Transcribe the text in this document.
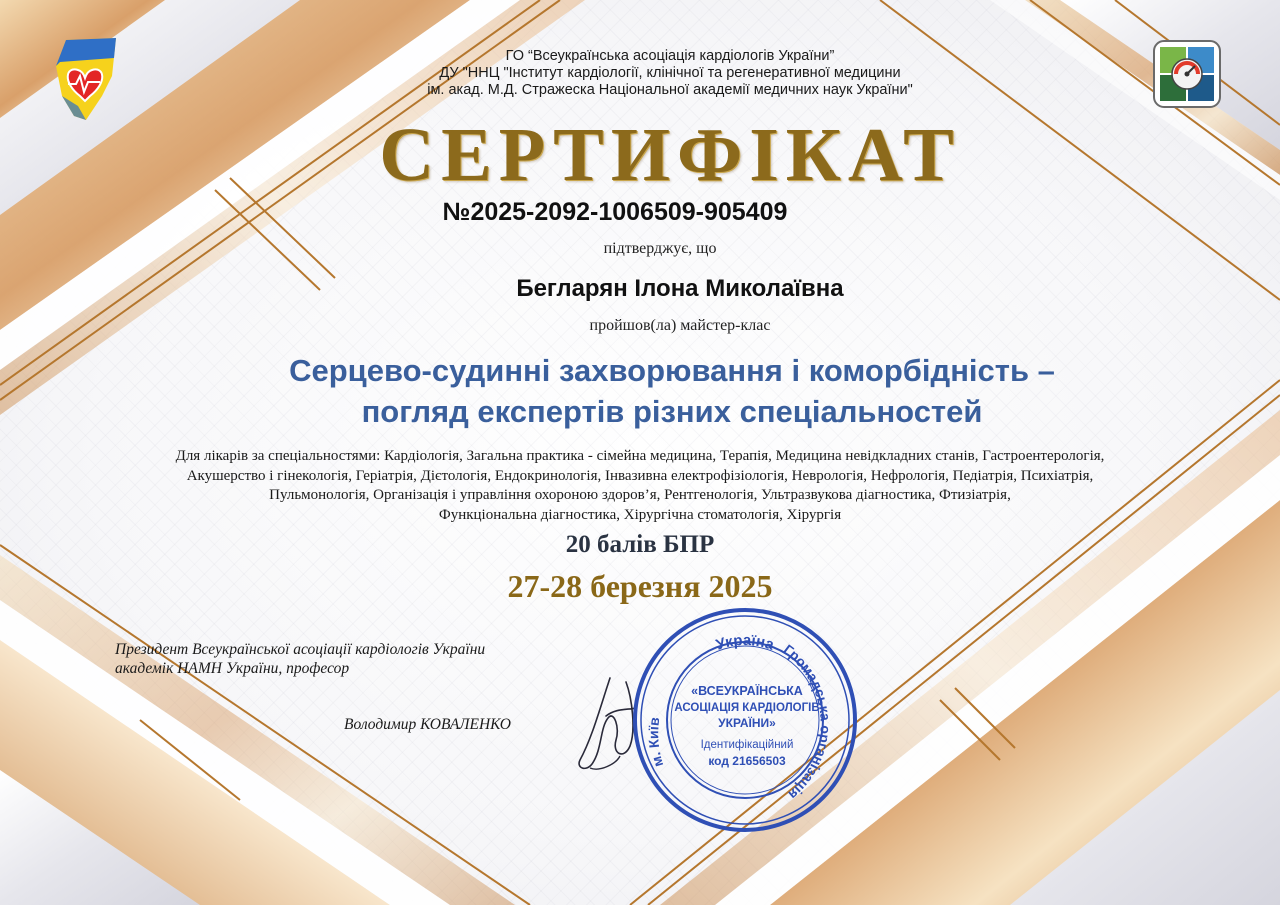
ГО “Всеукраїнська асоціація кардіологів України”
ДУ "ННЦ "Інститут кардіології, клінічної та регенеративної медицини
ім. акад. М.Д. Стражеска Національної академії медичних наук України"
СЕРТИФІКАТ
№2025-2092-1006509-905409
підтверджує, що
Бегларян Ілона Миколаївна
пройшов(ла) майстер-клас
Серцево-судинні захворювання і коморбідність –
погляд експертів різних спеціальностей
Для лікарів за спеціальностями: Кардіологія, Загальна практика - сімейна медицина, Терапія, Медицина невідкладних станів, Гастроентерологія,
Акушерство і гінекологія, Геріатрія, Дієтологія, Ендокринологія, Інвазивна електрофізіологія, Неврологія, Нефрологія, Педіатрія, Психіатрія,
Пульмонологія, Організація і управління охороною здоров’я, Рентгенологія, Ультразвукова діагностика, Фтизіатрія,
Функціональна діагностика, Хірургічна стоматологія, Хірургія
20 балів БПР
27-28 березня 2025
Президент Всеукраїнської асоціації кардіологів України
академік НАМН України, професор
Володимир КОВАЛЕНКО
Україна Громадська організація
м. Київ
«ВСЕУКРАЇНСЬКА
АСОЦІАЦІЯ КАРДІОЛОГІВ
УКРАЇНИ»
Ідентифікаційний
код 21656503
